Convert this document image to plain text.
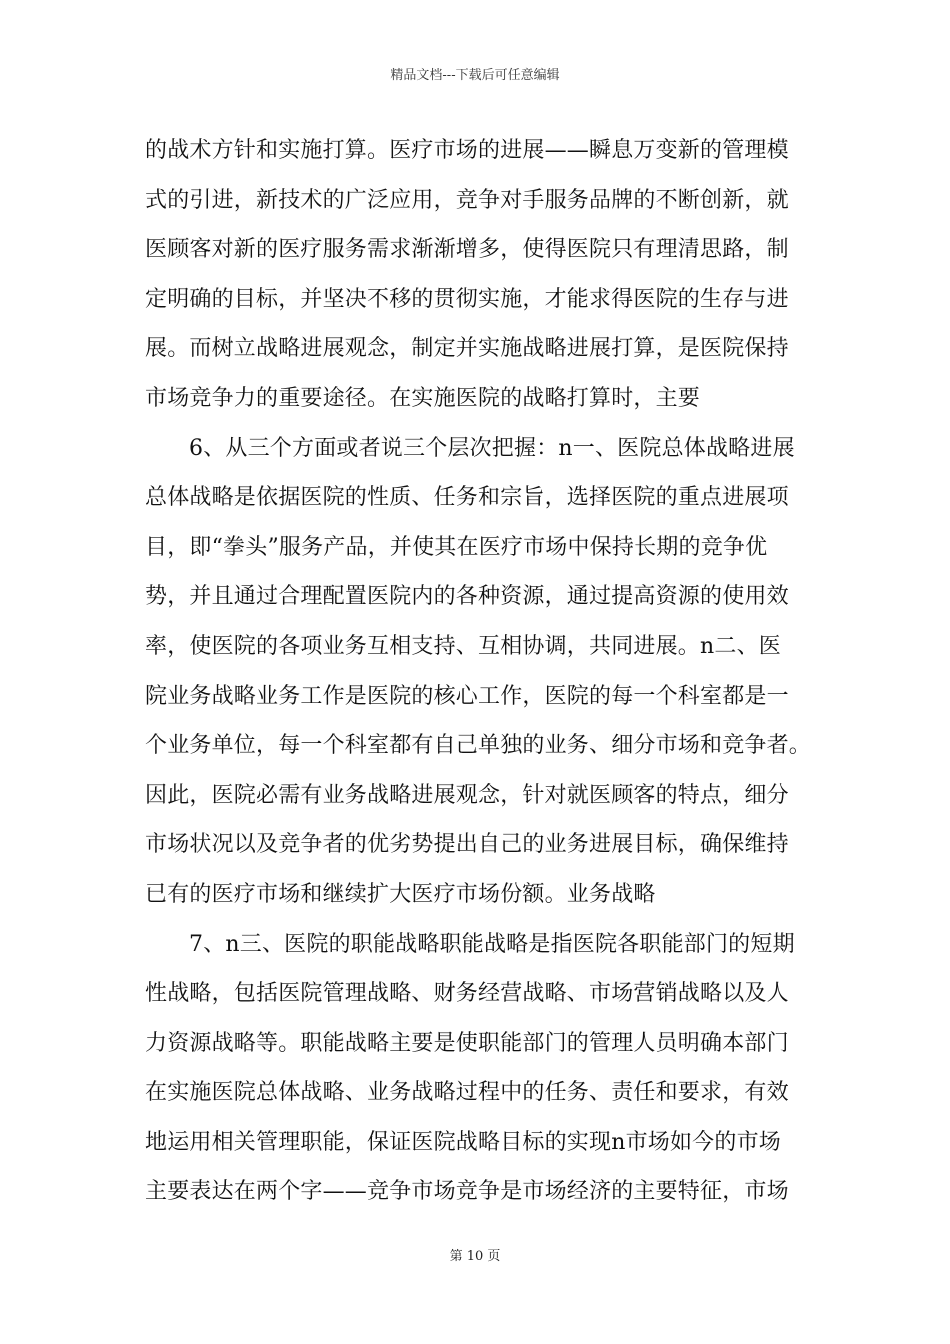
精品文档---下载后可任意编辑
的战术方针和实施打算。医疗市场的进展——瞬息万变新的管理模
式的引进，新技术的广泛应用，竞争对手服务品牌的不断创新，就
医顾客对新的医疗服务需求渐渐增多，使得医院只有理清思路，制
定明确的目标，并坚决不移的贯彻实施，才能求得医院的生存与进
展。而树立战略进展观念，制定并实施战略进展打算，是医院保持
市场竞争力的重要途径。在实施医院的战略打算时，主要
6、从三个方面或者说三个层次把握：n一、医院总体战略进展
总体战略是依据医院的性质、任务和宗旨，选择医院的重点进展项
目，即“拳头”服务产品，并使其在医疗市场中保持长期的竞争优
势，并且通过合理配置医院内的各种资源，通过提高资源的使用效
率，使医院的各项业务互相支持、互相协调，共同进展。n二、医
院业务战略业务工作是医院的核心工作，医院的每一个科室都是一
个业务单位，每一个科室都有自己单独的业务、细分市场和竞争者。
因此，医院必需有业务战略进展观念，针对就医顾客的特点，细分
市场状况以及竞争者的优劣势提出自己的业务进展目标，确保维持
已有的医疗市场和继续扩大医疗市场份额。业务战略
7、n三、医院的职能战略职能战略是指医院各职能部门的短期
性战略，包括医院管理战略、财务经营战略、市场营销战略以及人
力资源战略等。职能战略主要是使职能部门的管理人员明确本部门
在实施医院总体战略、业务战略过程中的任务、责任和要求，有效
地运用相关管理职能，保证医院战略目标的实现n市场如今的市场
主要表达在两个字——竞争市场竞争是市场经济的主要特征，市场
第 10 页
